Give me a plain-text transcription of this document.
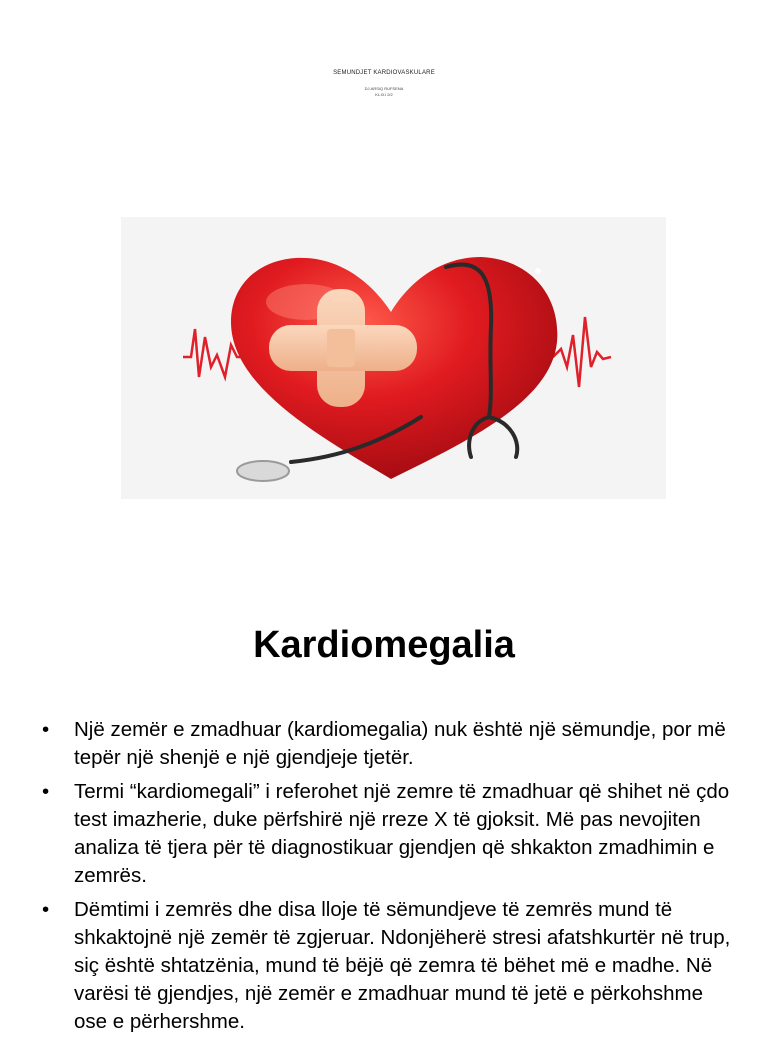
SEMUNDJET KARDIOVASKULARE
DJ.ARSIQ RUFSENA
KL.B.I 2/2
Kardiomegalia
• Një zemër e zmadhuar (kardiomegalia) nuk është një sëmundje, por më tepër një shenjë e një gjendjeje tjetër.
• Termi “kardiomegali” i referohet një zemre të zmadhuar që shihet në çdo test imazherie, duke përfshirë një rreze X të gjoksit. Më pas nevojiten analiza të tjera për të diagnostikuar gjendjen që shkakton zmadhimin e zemrës.
• Dëmtimi i zemrës dhe disa lloje të sëmundjeve të zemrës mund të shkaktojnë një zemër të zgjeruar. Ndonjëherë stresi afatshkurtër në trup, siç është shtatzënia, mund të bëjë që zemra të bëhet më e madhe. Në varësi të gjendjes, një zemër e zmadhuar mund të jetë e përkohshme ose e përhershme.
